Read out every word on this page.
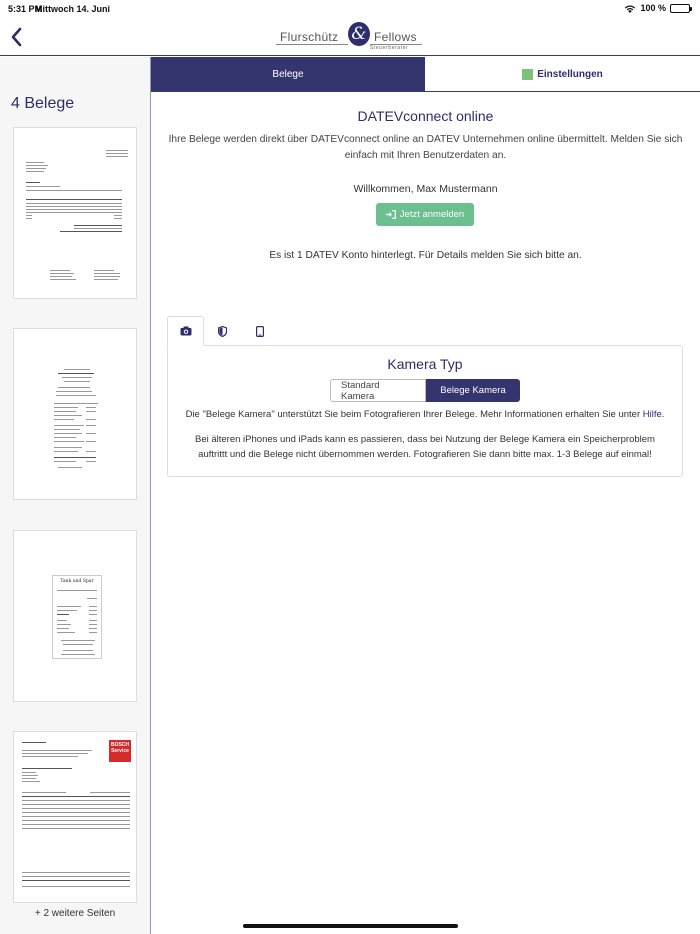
5:31 PM
Mittwoch 14. Juni	100 %
Flurschütz & Fellows
Steuerberater
4 Belege
Tank und Spar
BOSCH
Service
+ 2 weitere Seiten
Belege	Einstellungen
DATEVconnect online
Ihre Belege werden direkt über DATEVconnect online an DATEV Unternehmen online übermittelt. Melden Sie sich einfach mit Ihren Benutzerdaten an.
Willkommen, Max Mustermann
Jetzt anmelden
Es ist 1 DATEV Konto hinterlegt. Für Details melden Sie sich bitte an.
Kamera Typ
Standard Kamera	Belege Kamera
Die "Belege Kamera" unterstützt Sie beim Fotografieren Ihrer Belege. Mehr Informationen erhalten Sie unter Hilfe.
Bei älteren iPhones und iPads kann es passieren, dass bei Nutzung der Belege Kamera ein Speicherproblem auftrittt und die Belege nicht übernommen werden. Fotografieren Sie dann bitte max. 1-3 Belege auf einmal!
